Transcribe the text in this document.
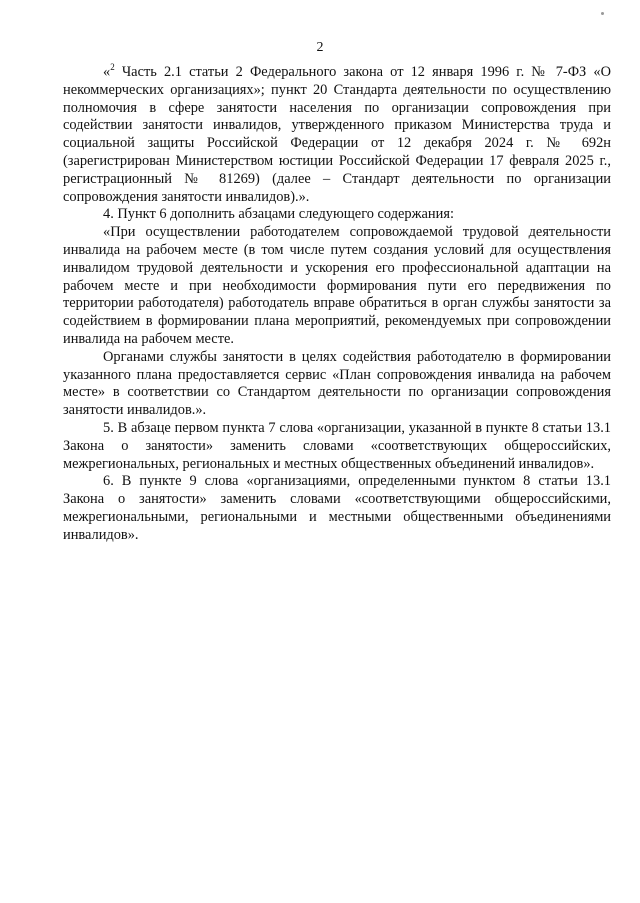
2

«$^2$ Часть 2.1 статьи 2 Федерального закона от 12 января 1996 г. № 7-ФЗ «О некоммерческих организациях»; пункт 20 Стандарта деятельности по осуществлению полномочия в сфере занятости населения по организации сопровождения при содействии занятости инвалидов, утвержденного приказом Министерства труда и социальной защиты Российской Федерации от 12 декабря 2024 г. № 692н (зарегистрирован Министерством юстиции Российской Федерации 17 февраля 2025 г., регистрационный № 81269) (далее – Стандарт деятельности по организации сопровождения занятости инвалидов).».

4. Пункт 6 дополнить абзацами следующего содержания:

«При осуществлении работодателем сопровождаемой трудовой деятельности инвалида на рабочем месте (в том числе путем создания условий для осуществления инвалидом трудовой деятельности и ускорения его профессиональной адаптации на рабочем месте и при необходимости формирования пути его передвижения по территории работодателя) работодатель вправе обратиться в орган службы занятости за содействием в формировании плана мероприятий, рекомендуемых при сопровождении инвалида на рабочем месте.

Органами службы занятости в целях содействия работодателю в формировании указанного плана предоставляется сервис «План сопровождения инвалида на рабочем месте» в соответствии со Стандартом деятельности по организации сопровождения занятости инвалидов.».

5. В абзаце первом пункта 7 слова «организации, указанной в пункте 8 статьи 13.1 Закона о занятости» заменить словами «соответствующих общероссийских, межрегиональных, региональных и местных общественных объединений инвалидов».

6. В пункте 9 слова «организациями, определенными пунктом 8 статьи 13.1 Закона о занятости» заменить словами «соответствующими общероссийскими, межрегиональными, региональными и местными общественными объединениями инвалидов».
